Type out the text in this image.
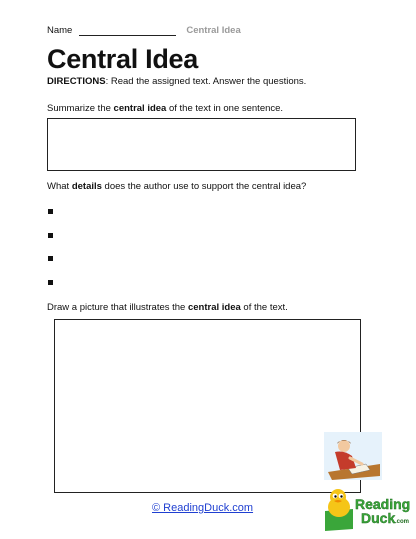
Name	Central Idea
Central Idea
DIRECTIONS: Read the assigned text. Answer the questions.
Summarize the central idea of the text in one sentence.
What details does the author use to support the central idea?
Draw a picture that illustrates the central idea of the text.
Reading
Duck .com
© ReadingDuck.com
